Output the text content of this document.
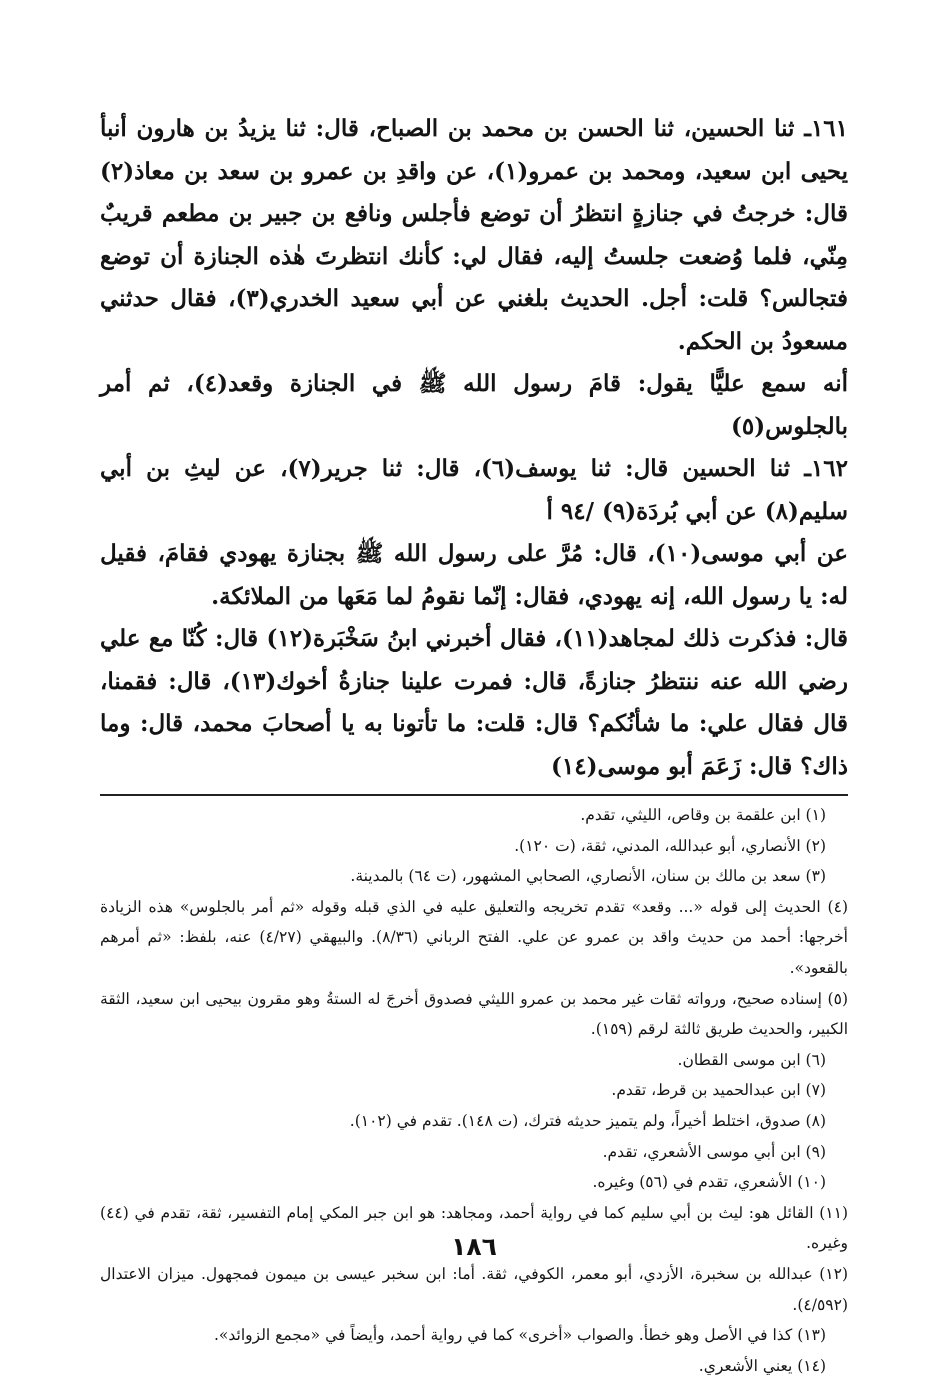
١٦١ـ ثنا الحسين، ثنا الحسن بن محمد بن الصباح، قال: ثنا يزيدُ بن هارون أنبأ يحيى ابن سعيد، ومحمد بن عمرو(١)، عن واقدِ بن عمرو بن سعد بن معاذ(٢) قال: خرجتُ في جنازةٍ انتظرُ أن توضع فأجلس ونافع بن جبير بن مطعم قريبٌ مِنّي، فلما وُضعت جلستُ إليه، فقال لي: كأنك انتظرتَ هٰذه الجنازة أن توضع فتجالس؟ قلت: أجل. الحديث بلغني عن أبي سعيد الخدري(٣)، فقال حدثني مسعودُ بن الحكم.

أنه سمع عليًّا يقول: قامَ رسول الله ﷺ في الجنازة وقعد(٤)، ثم أمر بالجلوس(٥)

١٦٢ـ ثنا الحسين قال: ثنا يوسف(٦)، قال: ثنا جرير(٧)، عن ليثِ بن أبي سليم(٨) عن أبي بُردَة(٩) /٩٤ أ

عن أبي موسى(١٠)، قال: مُرَّ على رسول الله ﷺ بجنازة يهودي فقامَ، فقيل له: يا رسول الله، إنه يهودي، فقال: إنّما نقومُ لما مَعَها من الملائكة.

قال: فذكرت ذلك لمجاهد(١١)، فقال أخبرني ابنُ سَخْبَرة(١٢) قال: كُنّا مع علي رضي الله عنه ننتظرُ جنازةً، قال: فمرت علينا جنازةُ أخوك(١٣)، قال: فقمنا، قال فقال علي: ما شأنُكم؟ قال: قلت: ما تأتونا به يا أصحابَ محمد، قال: وما ذاك؟ قال: زَعَمَ أبو موسى(١٤)

(١) ابن علقمة بن وقاص، الليثي، تقدم.

(٢) الأنصاري، أبو عبدالله، المدني، ثقة، (ت ١٢٠).

(٣) سعد بن مالك بن سنان، الأنصاري، الصحابي المشهور، (ت ٦٤) بالمدينة.

(٤) الحديث إلى قوله «... وقعد» تقدم تخريجه والتعليق عليه في الذي قبله وقوله «ثم أمر بالجلوس» هذه الزيادة أخرجها: أحمد من حديث واقد بن عمرو عن علي. الفتح الرباني (٨/٣٦). والبيهقي (٤/٢٧) عنه، بلفظ: «ثم أمرهم بالقعود».

(٥) إسناده صحيح، ورواته ثقات غير محمد بن عمرو الليثي فصدوق أخرجَ له الستةُ وهو مقرون بيحيى ابن سعيد، الثقة الكبير، والحديث طريق ثالثة لرقم (١٥٩).

(٦) ابن موسى القطان.

(٧) ابن عبدالحميد بن قرط، تقدم.

(٨) صدوق، اختلط أخيراً، ولم يتميز حديثه فترك، (ت ١٤٨). تقدم في (١٠٢).

(٩) ابن أبي موسى الأشعري، تقدم.

(١٠) الأشعري، تقدم في (٥٦) وغيره.

(١١) القائل هو: ليث بن أبي سليم كما في رواية أحمد، ومجاهد: هو ابن جبر المكي إمام التفسير، ثقة، تقدم في (٤٤) وغيره.

(١٢) عبدالله بن سخبرة، الأزدي، أبو معمر، الكوفي، ثقة. أما: ابن سخبر عيسى بن ميمون فمجهول. ميزان الاعتدال (٤/٥٩٢).

(١٣) كذا في الأصل وهو خطأ. والصواب «أخرى» كما في رواية أحمد، وأيضاً في «مجمع الزوائد».

(١٤) يعني الأشعري.

١٨٦
